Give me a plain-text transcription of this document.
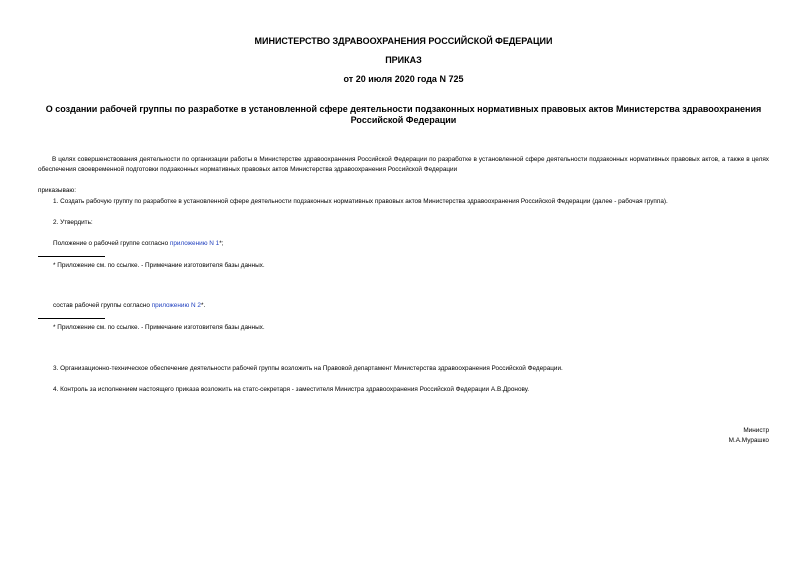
МИНИСТЕРСТВО ЗДРАВООХРАНЕНИЯ РОССИЙСКОЙ ФЕДЕРАЦИИ
ПРИКАЗ
от 20 июля 2020 года N 725
О создании рабочей группы по разработке в установленной сфере деятельности подзаконных нормативных правовых актов Министерства здравоохранения Российской Федерации
В целях совершенствования деятельности по организации работы в Министерстве здравоохранения Российской Федерации по разработке в установленной сфере деятельности подзаконных нормативных правовых актов, а также в целях обеспечения своевременной подготовки подзаконных нормативных правовых актов Министерства здравоохранения Российской Федерации
приказываю:
1. Создать рабочую группу по разработке в установленной сфере деятельности подзаконных нормативных правовых актов Министерства здравоохранения Российской Федерации (далее - рабочая группа).
2. Утвердить:
Положение о рабочей группе согласно приложению N 1*;
* Приложение см. по ссылке. - Примечание изготовителя базы данных.
состав рабочей группы согласно приложению N 2*.
* Приложение см. по ссылке. - Примечание изготовителя базы данных.
3. Организационно-техническое обеспечение деятельности рабочей группы возложить на Правовой департамент Министерства здравоохранения Российской Федерации.
4. Контроль за исполнением настоящего приказа возложить на статс-секретаря - заместителя Министра здравоохранения Российской Федерации А.В.Дронову.
Министр
М.А.Мурашко
